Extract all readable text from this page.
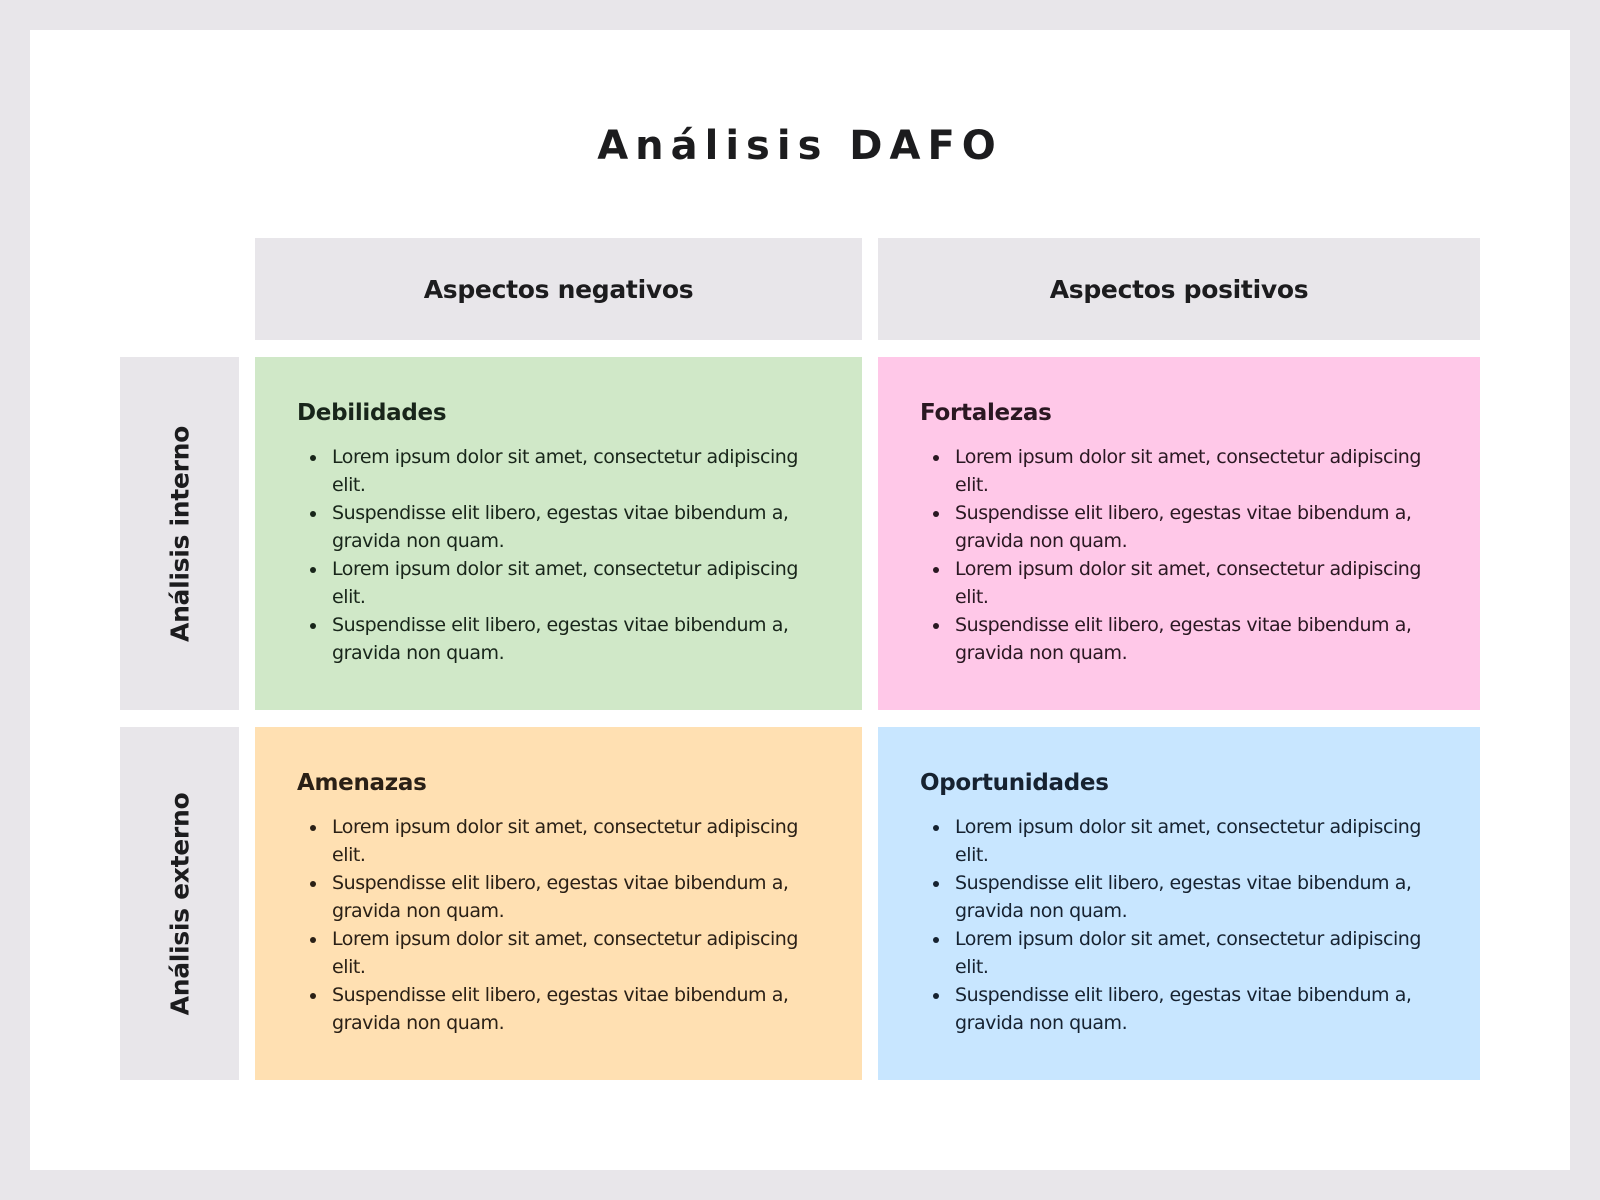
Análisis DAFO
Aspectos negativos	Aspectos positivos
Análisis interno
Análisis externo
Debilidades
Lorem ipsum dolor sit amet, consectetur adipiscing elit.
Suspendisse elit libero, egestas vitae bibendum a, gravida non quam.
Lorem ipsum dolor sit amet, consectetur adipiscing elit.
Suspendisse elit libero, egestas vitae bibendum a, gravida non quam.
Fortalezas
Lorem ipsum dolor sit amet, consectetur adipiscing elit.
Suspendisse elit libero, egestas vitae bibendum a, gravida non quam.
Lorem ipsum dolor sit amet, consectetur adipiscing elit.
Suspendisse elit libero, egestas vitae bibendum a, gravida non quam.
Amenazas
Lorem ipsum dolor sit amet, consectetur adipiscing elit.
Suspendisse elit libero, egestas vitae bibendum a, gravida non quam.
Lorem ipsum dolor sit amet, consectetur adipiscing elit.
Suspendisse elit libero, egestas vitae bibendum a, gravida non quam.
Oportunidades
Lorem ipsum dolor sit amet, consectetur adipiscing elit.
Suspendisse elit libero, egestas vitae bibendum a, gravida non quam.
Lorem ipsum dolor sit amet, consectetur adipiscing elit.
Suspendisse elit libero, egestas vitae bibendum a, gravida non quam.
